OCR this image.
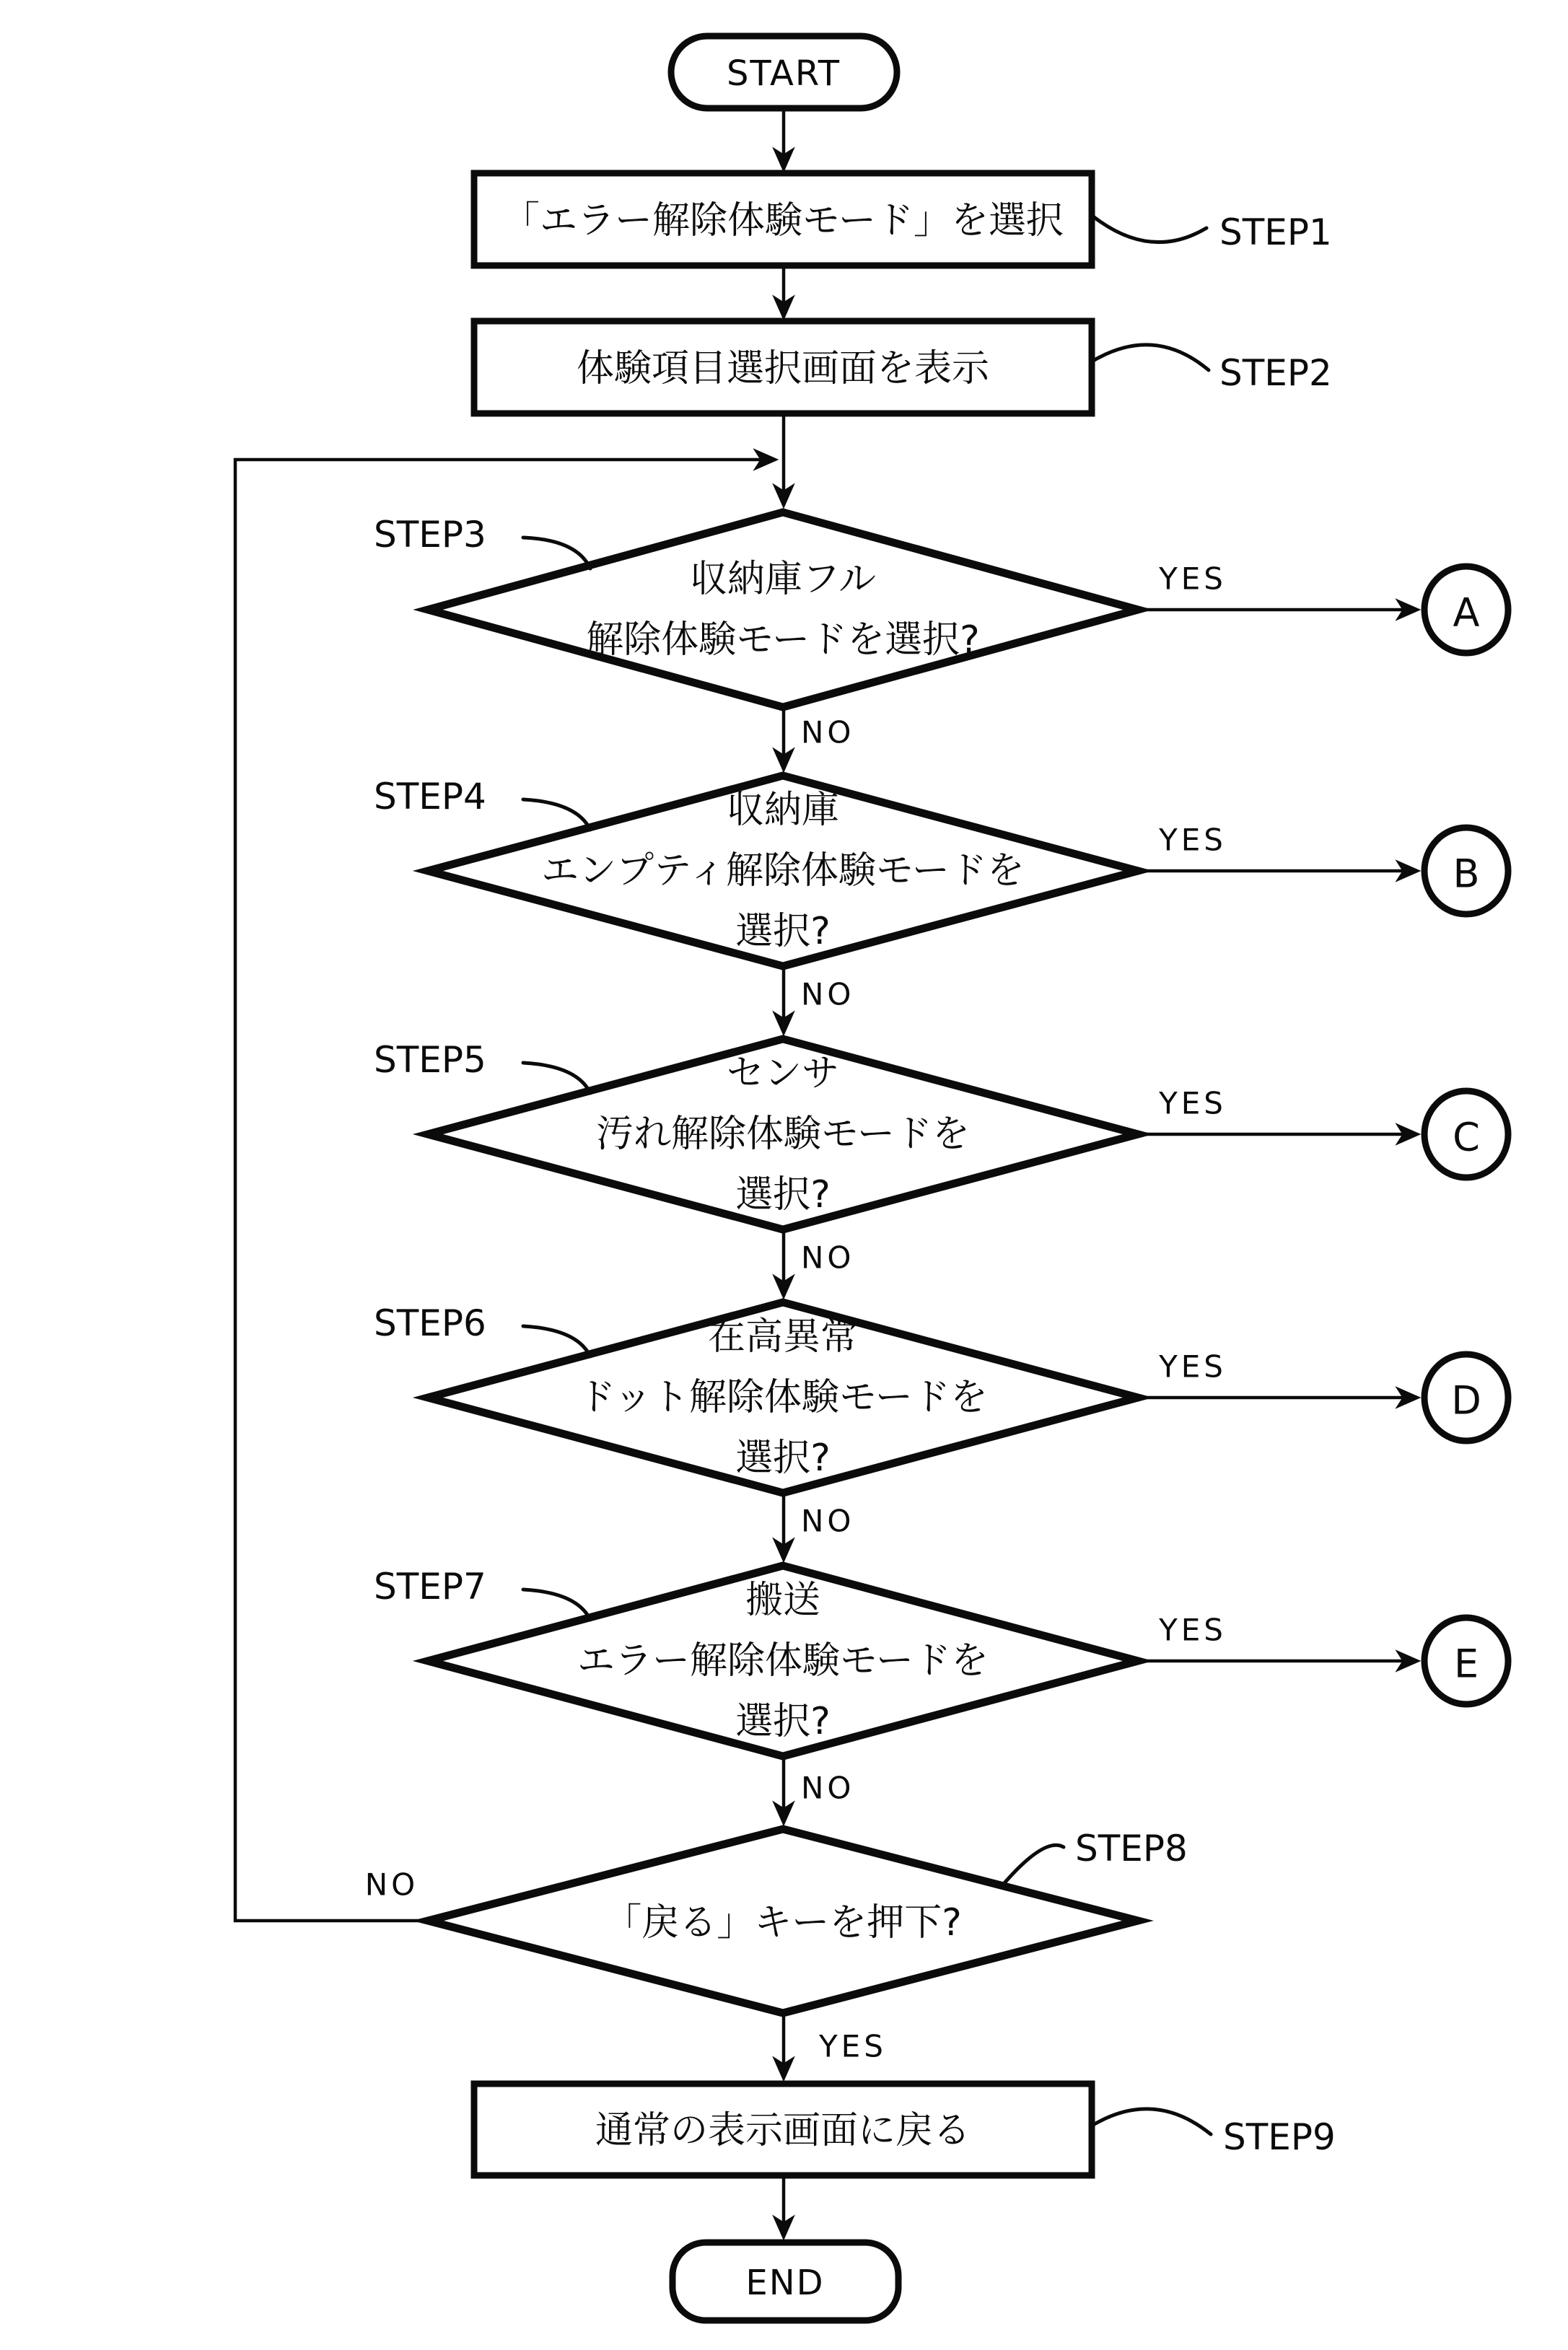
START
「エラー解除体験モード」を選択	STEP1
体験項目選択画面を表示	STEP2
収納庫フル
解除体験モードを選択?
STEP3
YES
A
NO
収納庫
エンプティ解除体験モードを
選択?
STEP4
YES
B
NO
センサ
汚れ解除体験モードを
選択?
STEP5
YES
C
NO
在高異常
ドット解除体験モードを
選択?
STEP6
YES
D
NO
搬送
エラー解除体験モードを
選択?
STEP7
YES
E
NO
「戻る」キーを押下?
STEP8
NO
YES
通常の表示画面に戻る	STEP9
END
